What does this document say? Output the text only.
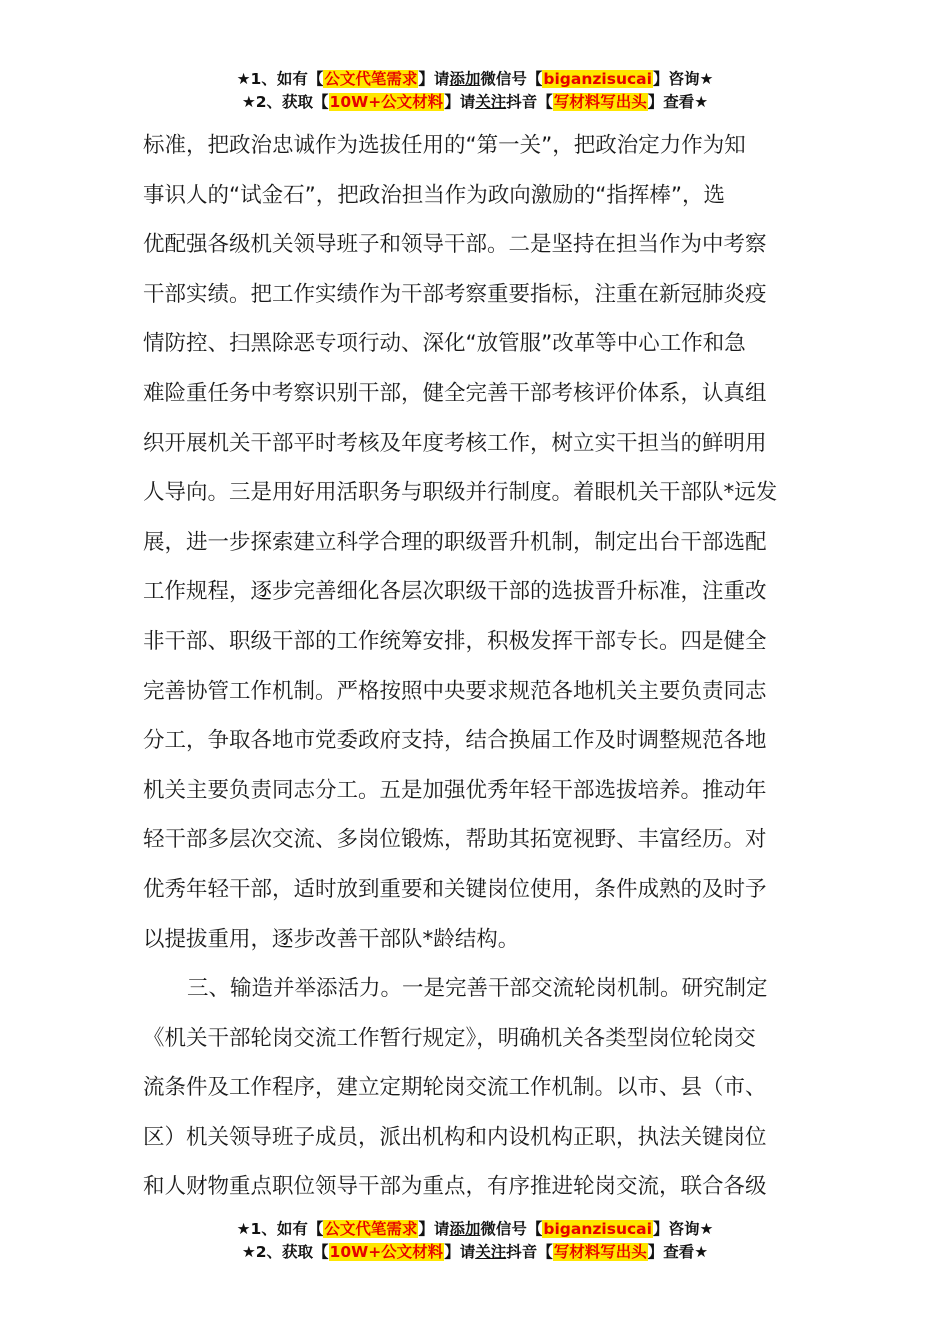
★1、如有【公文代笔需求】请添加微信号【biganzisucai】咨询★
★2、获取【10W+公文材料】请关注抖音【写材料写出头】查看★
标准，把政治忠诚作为选拔任用的“第一关”，把政治定力作为知
事识人的“试金石”，把政治担当作为政向激励的“指挥棒”，选
优配强各级机关领导班子和领导干部。二是坚持在担当作为中考察
干部实绩。把工作实绩作为干部考察重要指标，注重在新冠肺炎疫
情防控、扫黑除恶专项行动、深化“放管服”改革等中心工作和急
难险重任务中考察识别干部，健全完善干部考核评价体系，认真组
织开展机关干部平时考核及年度考核工作，树立实干担当的鲜明用
人导向。三是用好用活职务与职级并行制度。着眼机关干部队*远发
展，进一步探索建立科学合理的职级晋升机制，制定出台干部选配
工作规程，逐步完善细化各层次职级干部的选拔晋升标准，注重改
非干部、职级干部的工作统筹安排，积极发挥干部专长。四是健全
完善协管工作机制。严格按照中央要求规范各地机关主要负责同志
分工，争取各地市党委政府支持，结合换届工作及时调整规范各地
机关主要负责同志分工。五是加强优秀年轻干部选拔培养。推动年
轻干部多层次交流、多岗位锻炼，帮助其拓宽视野、丰富经历。对
优秀年轻干部，适时放到重要和关键岗位使用，条件成熟的及时予
以提拔重用，逐步改善干部队*龄结构。
三、输造并举添活力。一是完善干部交流轮岗机制。研究制定
《机关干部轮岗交流工作暂行规定》，明确机关各类型岗位轮岗交
流条件及工作程序，建立定期轮岗交流工作机制。以市、县（市、
区）机关领导班子成员，派出机构和内设机构正职，执法关键岗位
和人财物重点职位领导干部为重点，有序推进轮岗交流，联合各级
★1、如有【公文代笔需求】请添加微信号【biganzisucai】咨询★
★2、获取【10W+公文材料】请关注抖音【写材料写出头】查看★
